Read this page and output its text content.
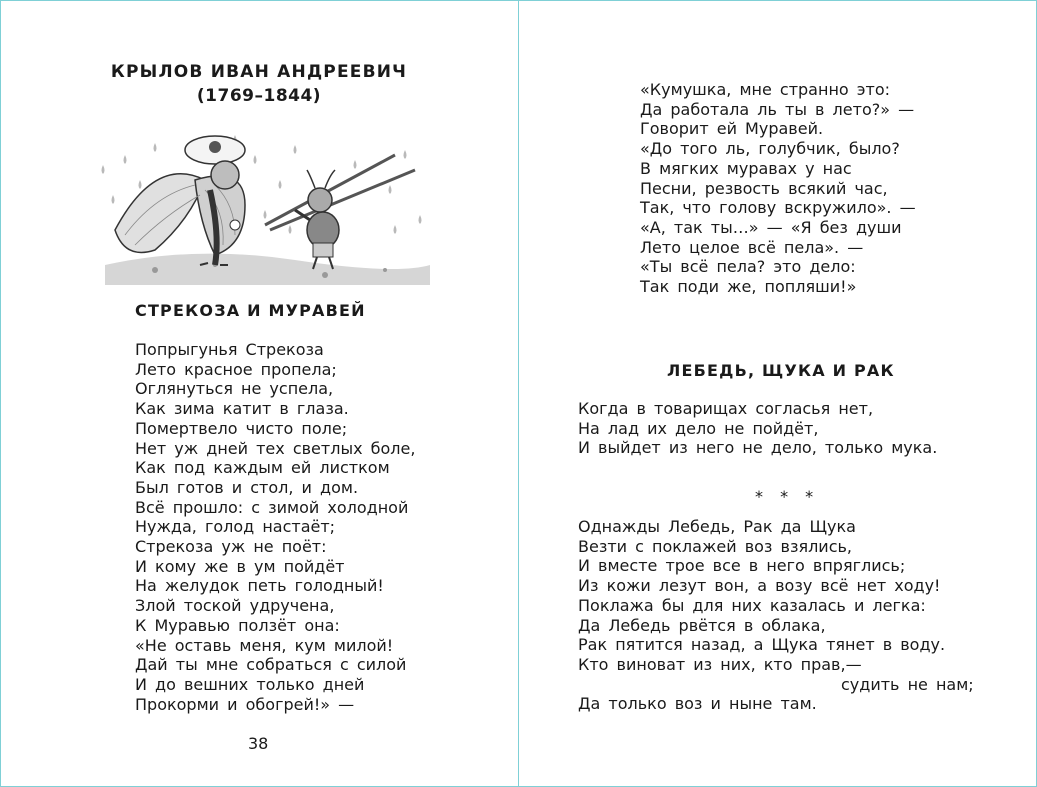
КРЫЛОВ ИВАН АНДРЕЕВИЧ
(1769–1844)
СТРЕКОЗА И МУРАВЕЙ
Попрыгунья Стрекоза
Лето красное пропела;
Оглянуться не успела,
Как зима катит в глаза.
Помертвело чисто поле;
Нет уж дней тех светлых боле,
Как под каждым ей листком
Был готов и стол, и дом.
Всё прошло: с зимой холодной
Нужда, голод настаёт;
Стрекоза уж не поёт:
И кому же в ум пойдёт
На желудок петь голодный!
Злой тоской удручена,
К Муравью ползёт она:
«Не оставь меня, кум милой!
Дай ты мне собраться с силой
И до вешних только дней
Прокорми и обогрей!» —
38
«Кумушка, мне странно это:
Да работала ль ты в лето?» —
Говорит ей Муравей.
«До того ль, голубчик, было?
В мягких муравах у нас
Песни, резвость всякий час,
Так, что голову вскружило». —
«А, так ты…» — «Я без души
Лето целое всё пела». —
«Ты всё пела? это дело:
Так поди же, попляши!»
ЛЕБЕДЬ, ЩУКА И РАК
Когда в товарищах согласья нет,
На лад их дело не пойдёт,
И выйдет из него не дело, только мука.
* * *
Однажды Лебедь, Рак да Щука
Везти с поклажей воз взялись,
И вместе трое все в него впряглись;
Из кожи лезут вон, а возу всё нет ходу!
Поклажа бы для них казалась и легка:
Да Лебедь рвётся в облака,
Рак пятится назад, а Щука тянет в воду.
Кто виноват из них, кто прав,—
судить не нам;
Да только воз и ныне там.
